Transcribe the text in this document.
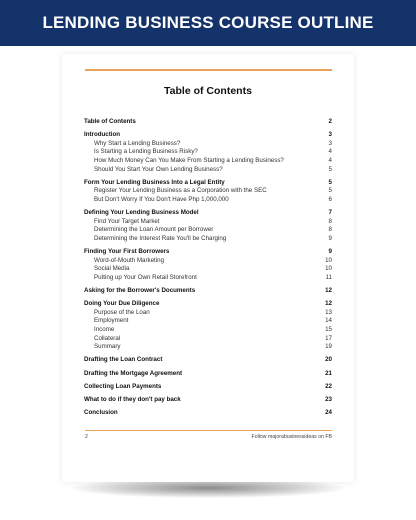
LENDING BUSINESS COURSE OUTLINE
Table of Contents
Table of Contents	2
Introduction	3
Why Start a Lending Business?	3
Is Starting a Lending Business Risky?	4
How Much Money Can You Make From Starting a Lending Business?	4
Should You Start Your Own Lending Business?	5
Form Your Lending Business Into a Legal Entity	5
Register Your Lending Business as a Corporation with the SEC	5
But Don't Worry If You Don't Have Php 1,000,000	6
Defining Your Lending Business Model	7
Find Your Target Market	8
Determining the Loan Amount per Borrower	8
Determining the Interest Rate You'll be Charging	9
Finding Your First Borrowers	9
Word-of-Mouth Marketing	10
Social Media	10
Putting up Your Own Retail Storefront	11
Asking for the Borrower's Documents	12
Doing Your Due Diligence	12
Purpose of the Loan	13
Employment	14
Income	15
Collateral	17
Summary	19
Drafting the Loan Contract	20
Drafting the Mortgage Agreement	21
Collecting Loan Payments	22
What to do if they don't pay back	23
Conclusion	24
2	Follow majorabusinessideas on FB
